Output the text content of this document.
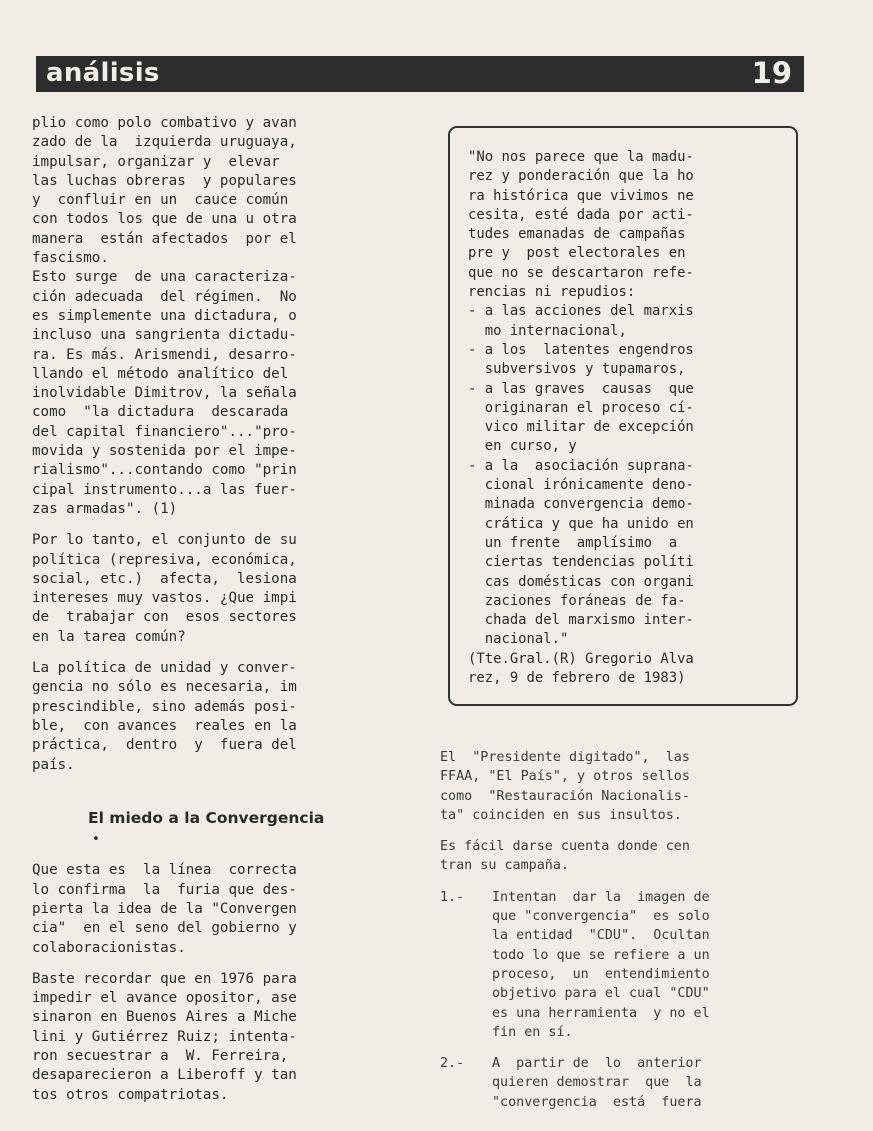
análisis	19

plio como polo combativo y avan
zado de la  izquierda uruguaya,
impulsar, organizar y  elevar
las luchas obreras  y populares
y  confluir en un  cauce común
con todos los que de una u otra
manera  están afectados  por el
fascismo.
Esto surge  de una caracteriza-
ción adecuada  del régimen.  No
es simplemente una dictadura, o
incluso una sangrienta dictadu-
ra. Es más. Arismendi, desarro-
llando el método analítico del
inolvidable Dimitrov, la señala
como  "la dictadura  descarada
del capital financiero"..."pro-
movida y sostenida por el impe-
rialismo"...contando como "prin
cipal instrumento...a las fuer-
zas armadas". (1)

Por lo tanto, el conjunto de su
política (represiva, económica,
social, etc.)  afecta,  lesiona
intereses muy vastos. ¿Que impi
de  trabajar con  esos sectores
en la tarea común?

La política de unidad y conver-
gencia no sólo es necesaria, im
prescindible, sino además posi-
ble,  con avances  reales en la
práctica,  dentro  y  fuera del
país.

El miedo a la Convergencia
•

Que esta es  la línea  correcta
lo confirma  la  furia que des-
pierta la idea de la "Convergen
cia"  en el seno del gobierno y
colaboracionistas.

Baste recordar que en 1976 para
impedir el avance opositor, ase
sinaron en Buenos Aires a Miche
lini y Gutiérrez Ruiz; intenta-
ron secuestrar a  W. Ferreira,
desaparecieron a Liberoff y tan
tos otros compatriotas.

"No nos parece que la madu-
rez y ponderación que la ho
ra histórica que vivimos ne
cesita, esté dada por acti-
tudes emanadas de campañas
pre y  post electorales en
que no se descartaron refe-
rencias ni repudios:
- a las acciones del marxis
mo internacional,
- a los  latentes engendros
subversivos y tupamaros,
- a las graves  causas  que
originaran el proceso cí-
vico militar de excepción
en curso, y
- a la  asociación suprana-
cional irónicamente deno-
minada convergencia demo-
crática y que ha unido en
un frente  amplísimo  a
ciertas tendencias políti
cas domésticas con organi
zaciones foráneas de fa-
chada del marxismo inter-
nacional."
(Tte.Gral.(R) Gregorio Alva
rez, 9 de febrero de 1983)

El  "Presidente digitado",  las
FFAA, "El País", y otros sellos
como  "Restauración Nacionalis-
ta" coinciden en sus insultos.

Es fácil darse cuenta donde cen
tran su campaña.

1.-	Intentan  dar la  imagen de
que "convergencia"  es solo
la entidad  "CDU".  Ocultan
todo lo que se refiere a un
proceso,  un  entendimiento
objetivo para el cual "CDU"
es una herramienta  y no el
fin en sí.
2.-	A  partir de  lo  anterior
quieren demostrar  que  la
"convergencia  está  fuera
